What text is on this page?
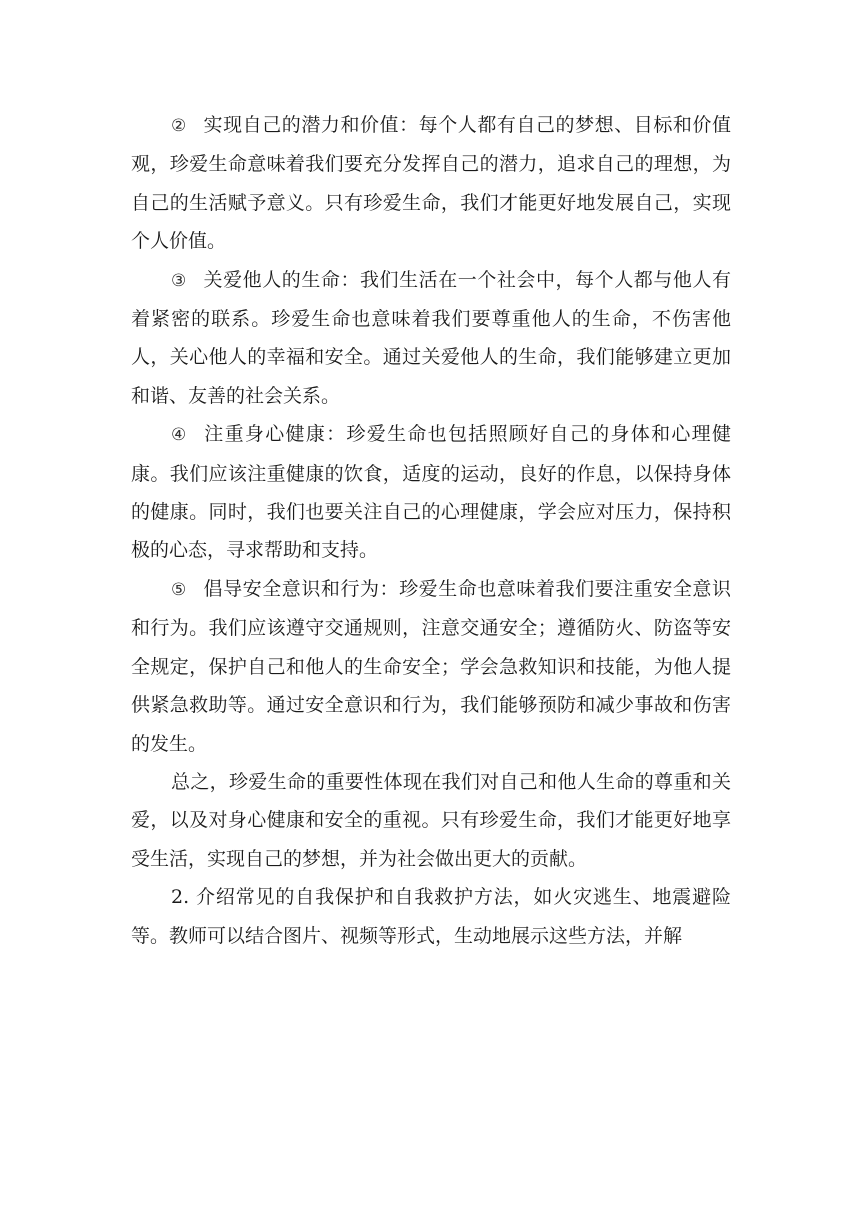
② 实现自己的潜力和价值：每个人都有自己的梦想、目标和价值观，珍爱生命意味着我们要充分发挥自己的潜力，追求自己的理想，为自己的生活赋予意义。只有珍爱生命，我们才能更好地发展自己，实现个人价值。

③ 关爱他人的生命：我们生活在一个社会中，每个人都与他人有着紧密的联系。珍爱生命也意味着我们要尊重他人的生命，不伤害他人，关心他人的幸福和安全。通过关爱他人的生命，我们能够建立更加和谐、友善的社会关系。

④ 注重身心健康：珍爱生命也包括照顾好自己的身体和心理健康。我们应该注重健康的饮食，适度的运动，良好的作息，以保持身体的健康。同时，我们也要关注自己的心理健康，学会应对压力，保持积极的心态，寻求帮助和支持。

⑤ 倡导安全意识和行为：珍爱生命也意味着我们要注重安全意识和行为。我们应该遵守交通规则，注意交通安全；遵循防火、防盗等安全规定，保护自己和他人的生命安全；学会急救知识和技能，为他人提供紧急救助等。通过安全意识和行为，我们能够预防和减少事故和伤害的发生。

总之，珍爱生命的重要性体现在我们对自己和他人生命的尊重和关爱，以及对身心健康和安全的重视。只有珍爱生命，我们才能更好地享受生活，实现自己的梦想，并为社会做出更大的贡献。

2. 介绍常见的自我保护和自我救护方法，如火灾逃生、地震避险等。教师可以结合图片、视频等形式，生动地展示这些方法，并解
